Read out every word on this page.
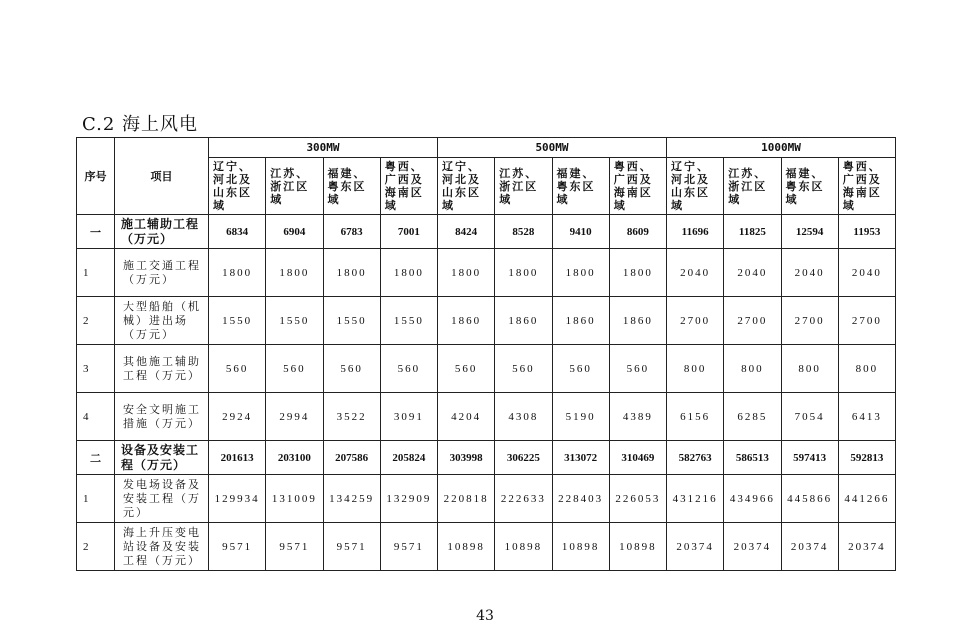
C.2 海上风电
序号	项目	300MW				500MW				1000MW			
		辽宁、河北及山东区域	江苏、浙江区域	福建、粤东区域	粤西、广西及海南区域	辽宁、河北及山东区域	江苏、浙江区域	福建、粤东区域	粤西、广西及海南区域	辽宁、河北及山东区域	江苏、浙江区域	福建、粤东区域	粤西、广西及海南区域
一	施工辅助工程（万元）	6834	6904	6783	7001	8424	8528	9410	8609	11696	11825	12594	11953
1	施工交通工程（万元）	1800	1800	1800	1800	1800	1800	1800	1800	2040	2040	2040	2040
2	大型船舶（机械）进出场（万元）	1550	1550	1550	1550	1860	1860	1860	1860	2700	2700	2700	2700
3	其他施工辅助工程（万元）	560	560	560	560	560	560	560	560	800	800	800	800
4	安全文明施工措施（万元）	2924	2994	3522	3091	4204	4308	5190	4389	6156	6285	7054	6413
二	设备及安装工程（万元）	201613	203100	207586	205824	303998	306225	313072	310469	582763	586513	597413	592813
1	发电场设备及安装工程（万元）	129934	131009	134259	132909	220818	222633	228403	226053	431216	434966	445866	441266
2	海上升压变电站设备及安装工程（万元）	9571	9571	9571	9571	10898	10898	10898	10898	20374	20374	20374	20374
43
